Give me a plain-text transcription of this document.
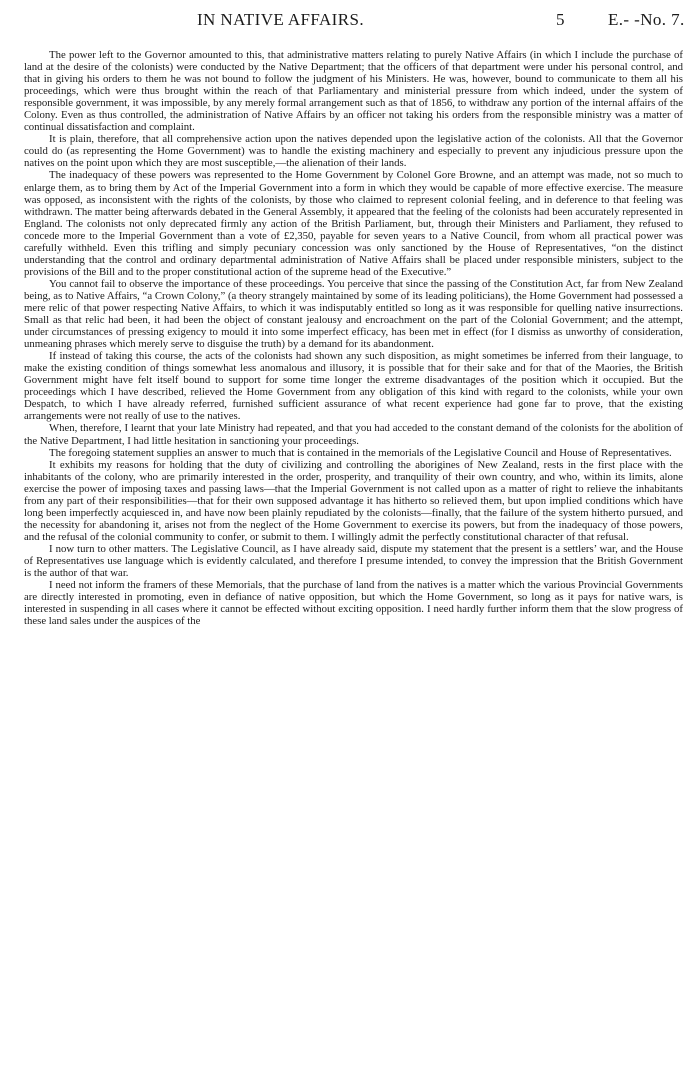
IN NATIVE AFFAIRS.	5	E.- -No. 7.

The power left to the Governor amounted to this, that administrative matters relating to purely Native Affairs (in which I include the purchase of land at the desire of the colonists) were conducted by the Native Department; that the officers of that department were under his personal control, and that in giving his orders to them he was not bound to follow the judgment of his Ministers. He was, however, bound to communicate to them all his proceedings, which were thus brought within the reach of that Parliamentary and ministerial pressure from which indeed, under the system of responsible government, it was impossible, by any merely formal arrangement such as that of 1856, to withdraw any portion of the internal affairs of the Colony. Even as thus controlled, the administration of Native Affairs by an officer not taking his orders from the responsible ministry was a matter of continual dissatisfaction and complaint.

It is plain, therefore, that all comprehensive action upon the natives depended upon the legislative action of the colonists. All that the Governor could do (as representing the Home Government) was to handle the existing machinery and especially to prevent any injudicious pressure upon the natives on the point upon which they are most susceptible,—the alienation of their lands.

The inadequacy of these powers was represented to the Home Government by Colonel Gore Browne, and an attempt was made, not so much to enlarge them, as to bring them by Act of the Imperial Government into a form in which they would be capable of more effective exercise. The measure was opposed, as inconsistent with the rights of the colonists, by those who claimed to represent colonial feeling, and in deference to that feeling was withdrawn. The matter being afterwards debated in the General Assembly, it appeared that the feeling of the colonists had been accurately represented in England. The colonists not only deprecated firmly any action of the British Parliament, but, through their Ministers and Parliament, they refused to concede more to the Imperial Government than a vote of £2,350, payable for seven years to a Native Council, from whom all practical power was carefully withheld. Even this trifling and simply pecuniary concession was only sanctioned by the House of Representatives, “on the distinct understanding that the control and ordinary departmental administration of Native Affairs shall be placed under responsible ministers, subject to the provisions of the Bill and to the proper constitutional action of the supreme head of the Executive.”

You cannot fail to observe the importance of these proceedings. You perceive that since the passing of the Constitution Act, far from New Zealand being, as to Native Affairs, “a Crown Colony,” (a theory strangely maintained by some of its leading politicians), the Home Government had possessed a mere relic of that power respecting Native Affairs, to which it was indisputably entitled so long as it was responsible for quelling native insurrections. Small as that relic had been, it had been the object of constant jealousy and encroachment on the part of the Colonial Government; and the attempt, under circumstances of pressing exigency to mould it into some imperfect efficacy, has been met in effect (for I dismiss as unworthy of consideration, unmeaning phrases which merely serve to disguise the truth) by a demand for its abandonment.

If instead of taking this course, the acts of the colonists had shown any such disposition, as might sometimes be inferred from their language, to make the existing condition of things somewhat less anomalous and illusory, it is possible that for their sake and for that of the Maories, the British Government might have felt itself bound to support for some time longer the extreme disadvantages of the position which it occupied. But the proceedings which I have described, relieved the Home Government from any obligation of this kind with regard to the colonists, while your own Despatch, to which I have already referred, furnished sufficient assurance of what recent experience had gone far to prove, that the existing arrangements were not really of use to the natives.

When, therefore, I learnt that your late Ministry had repeated, and that you had acceded to the constant demand of the colonists for the abolition of the Native Department, I had little hesitation in sanctioning your proceedings.

The foregoing statement supplies an answer to much that is contained in the memorials of the Legislative Council and House of Representatives.

It exhibits my reasons for holding that the duty of civilizing and controlling the aborigines of New Zealand, rests in the first place with the inhabitants of the colony, who are primarily interested in the order, prosperity, and tranquility of their own country, and who, within its limits, alone exercise the power of imposing taxes and passing laws—that the Imperial Government is not called upon as a matter of right to relieve the inhabitants from any part of their responsibilities—that for their own supposed advantage it has hitherto so relieved them, but upon implied conditions which have long been imperfectly acquiesced in, and have now been plainly repudiated by the colonists—finally, that the failure of the system hitherto pursued, and the necessity for abandoning it, arises not from the neglect of the Home Government to exercise its powers, but from the inadequacy of those powers, and the refusal of the colonial community to confer, or submit to them. I willingly admit the perfectly constitutional character of that refusal.

I now turn to other matters. The Legislative Council, as I have already said, dispute my statement that the present is a settlers’ war, and the House of Representatives use language which is evidently calculated, and therefore I presume intended, to convey the impression that the British Government is the author of that war.

I need not inform the framers of these Memorials, that the purchase of land from the natives is a matter which the various Provincial Governments are directly interested in promoting, even in defiance of native opposition, but which the Home Government, so long as it pays for native wars, is interested in suspending in all cases where it cannot be effected without exciting opposition. I need hardly further inform them that the slow progress of these land sales under the auspices of the
